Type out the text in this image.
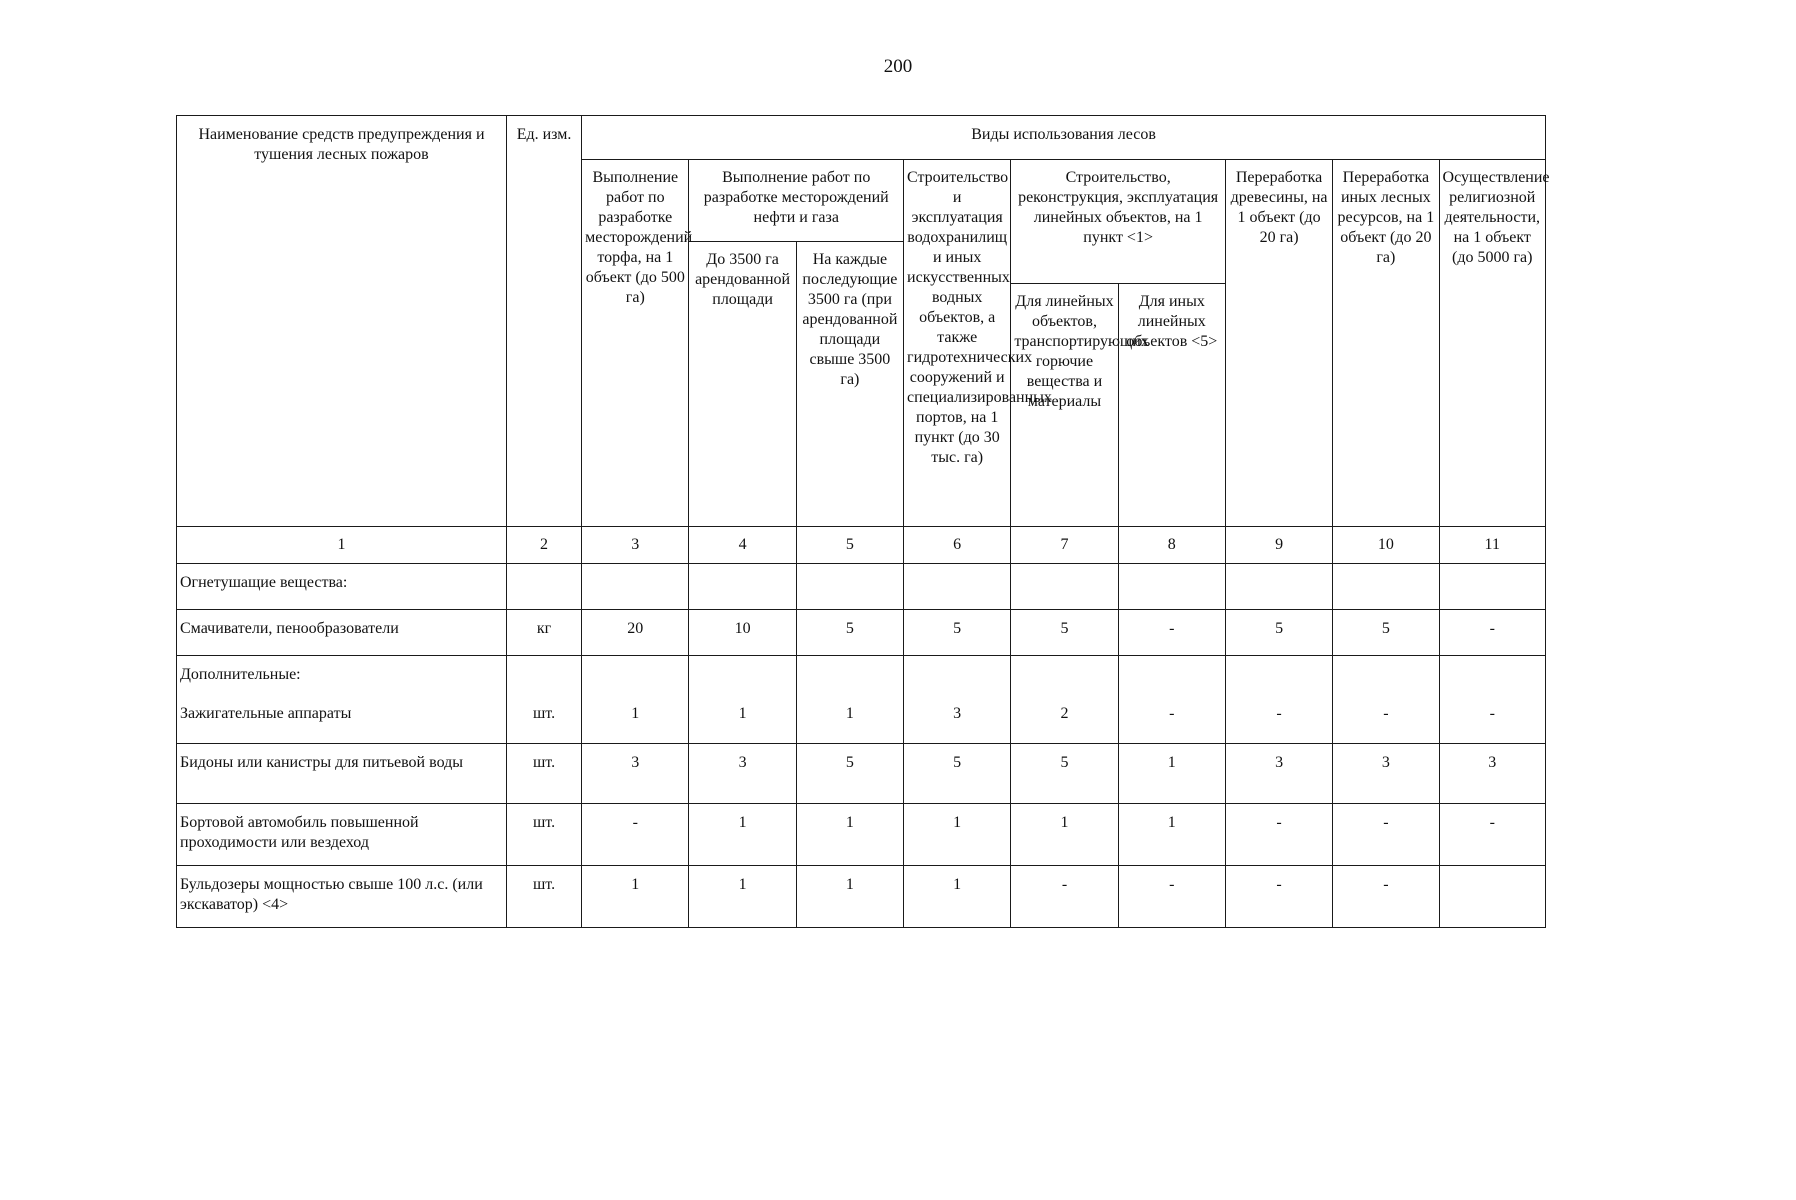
200
Наименование средств предупреждения и тушения лесных пожаров	Ед. изм.	Виды использования лесов								
		Выполнение работ по разработке месторождений торфа, на 1 объект (до 500 га)	Выполнение работ по разработке месторождений нефти и газа		Строительство и эксплуатация водохранилищ и иных искусственных водных объектов, а также гидротехнических сооружений и специализированных портов, на 1 пункт (до 30 тыс. га)	Строительство, реконструкция, эксплуатация линейных объектов, на 1 пункт <1>		Переработка древесины, на 1 объект (до 20 га)	Переработка иных лесных ресурсов, на 1 объект (до 20 га)	Осуществление религиозной деятельности, на 1 объект (до 5000 га)
			До 3500 га арендованной площади	На каждые последующие 3500 га (при арендованной площади свыше 3500 га)						
						Для линейных объектов, транспортирующих горючие вещества и материалы	Для иных линейных объектов <5>			
1	2	3	4	5	6	7	8	9	10	11
Огнетушащие вещества:										
Смачиватели, пенообразователи	кг	20	10	5	5	5	-	5	5	-
Дополнительные:
Зажигательные аппараты	шт.	1	1	1	3	2	-	-	-	-

Бидоны или канистры для питьевой воды	шт.	3	3	5	5	5	1	3	3	3
Бортовой автомобиль повышенной проходимости или вездеход	шт.	-	1	1	1	1	1	-	-	-
Бульдозеры мощностью свыше 100 л.с. (или экскаватор) <4>	шт.	1	1	1	1	-	-	-	-	
